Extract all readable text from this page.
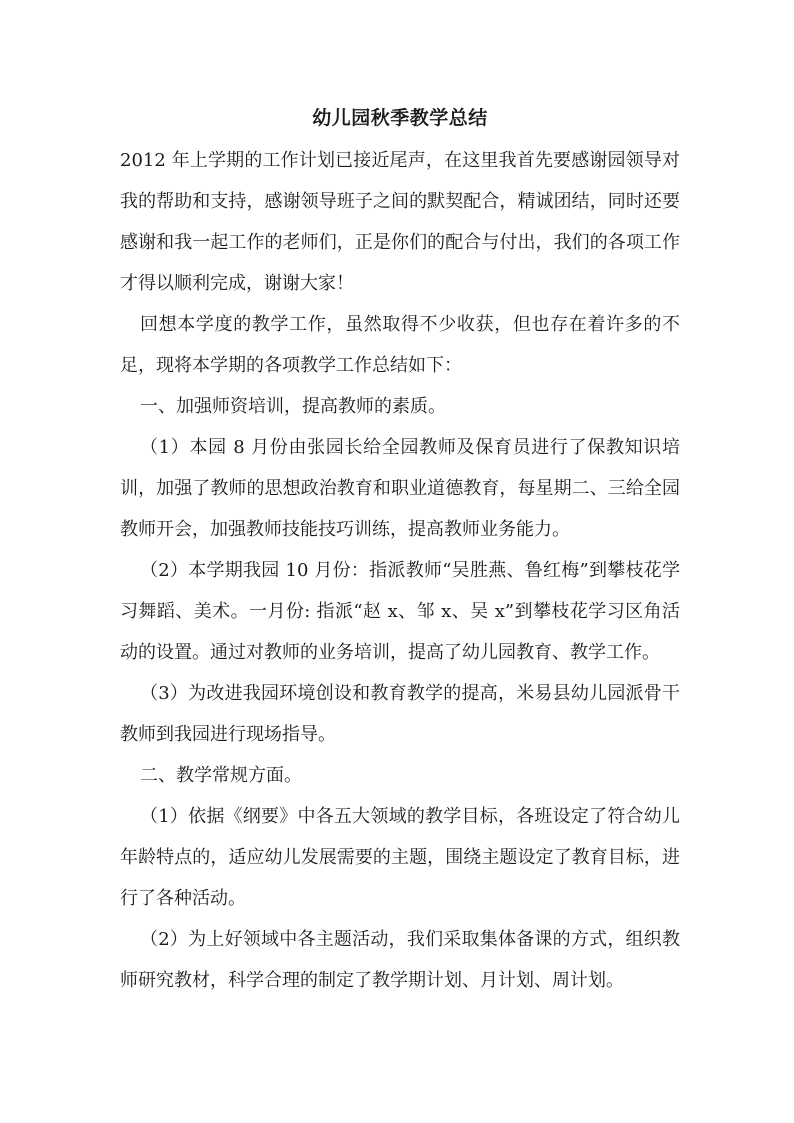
幼儿园秋季教学总结

2012 年上学期的工作计划已接近尾声，在这里我首先要感谢园领导对我的帮助和支持，感谢领导班子之间的默契配合，精诚团结，同时还要感谢和我一起工作的老师们，正是你们的配合与付出，我们的各项工作才得以顺利完成，谢谢大家！

回想本学度的教学工作，虽然取得不少收获，但也存在着许多的不足，现将本学期的各项教学工作总结如下：

一、加强师资培训，提高教师的素质。

（1）本园 8 月份由张园长给全园教师及保育员进行了保教知识培训，加强了教师的思想政治教育和职业道德教育，每星期二、三给全园教师开会，加强教师技能技巧训练，提高教师业务能力。

（2）本学期我园 10 月份：指派教师“吴胜燕、鲁红梅”到攀枝花学习舞蹈、美术。一月份: 指派“赵 x、邹 x、吴 x”到攀枝花学习区角活动的设置。通过对教师的业务培训，提高了幼儿园教育、教学工作。

（3）为改进我园环境创设和教育教学的提高，米易县幼儿园派骨干教师到我园进行现场指导。

二、教学常规方面。

（1）依据《纲要》中各五大领域的教学目标，各班设定了符合幼儿年龄特点的，适应幼儿发展需要的主题，围绕主题设定了教育目标，进行了各种活动。

（2）为上好领域中各主题活动，我们采取集体备课的方式，组织教师研究教材，科学合理的制定了教学期计划、月计划、周计划。
